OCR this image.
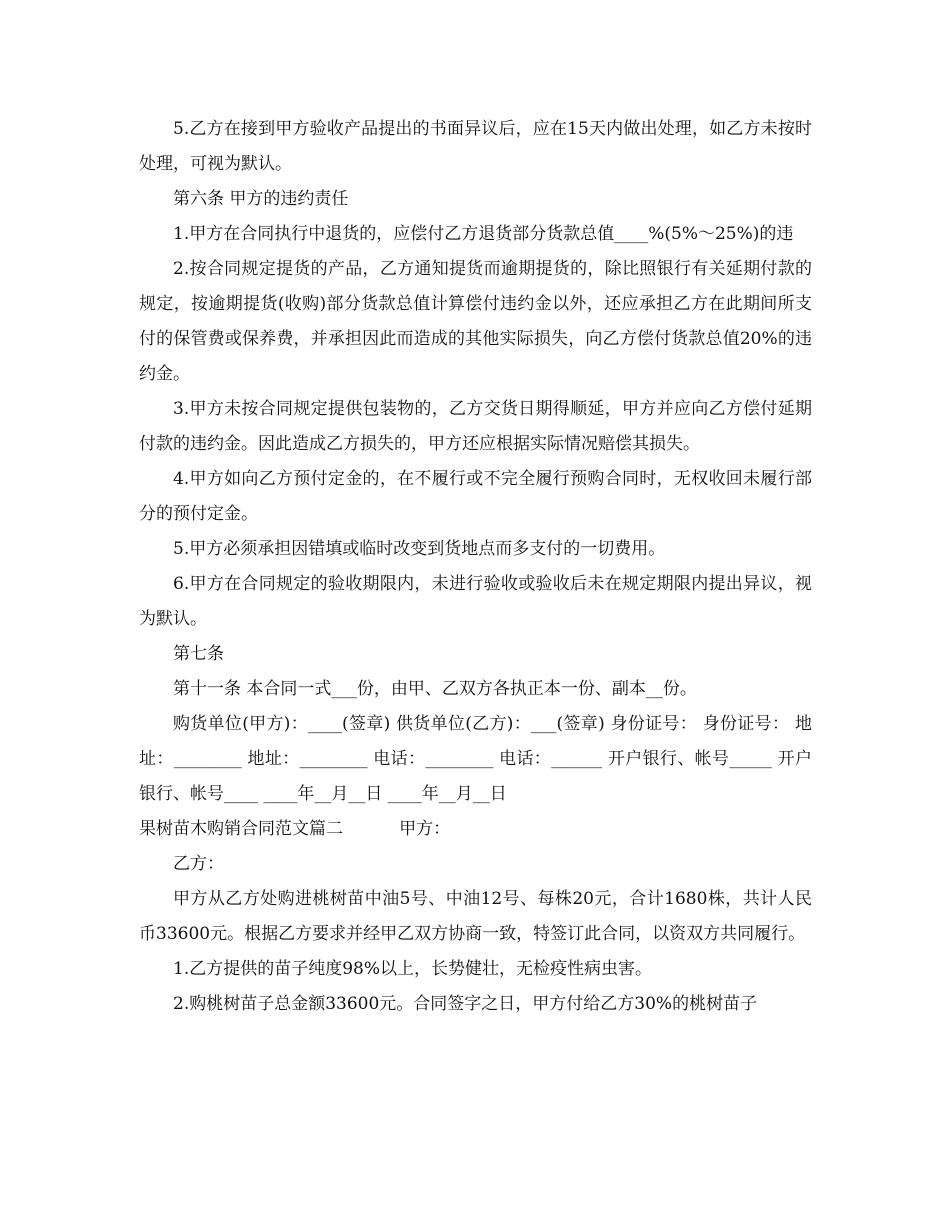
5.乙方在接到甲方验收产品提出的书面异议后，应在15天内做出处理，如乙方未按时处理，可视为默认。

第六条 甲方的违约责任

1.甲方在合同执行中退货的，应偿付乙方退货部分货款总值____%(5%～25%)的违

2.按合同规定提货的产品，乙方通知提货而逾期提货的，除比照银行有关延期付款的规定，按逾期提货(收购)部分货款总值计算偿付违约金以外，还应承担乙方在此期间所支付的保管费或保养费，并承担因此而造成的其他实际损失，向乙方偿付货款总值20%的违约金。

3.甲方未按合同规定提供包装物的，乙方交货日期得顺延，甲方并应向乙方偿付延期付款的违约金。因此造成乙方损失的，甲方还应根据实际情况赔偿其损失。

4.甲方如向乙方预付定金的，在不履行或不完全履行预购合同时，无权收回未履行部分的预付定金。

5.甲方必须承担因错填或临时改变到货地点而多支付的一切费用。

6.甲方在合同规定的验收期限内，未进行验收或验收后未在规定期限内提出异议，视为默认。

第七条

第十一条 本合同一式___份，由甲、乙双方各执正本一份、副本__份。

购货单位(甲方)：____(签章) 供货单位(乙方)：___(签章) 身份证号： 身份证号： 地址：________ 地址：________ 电话：________ 电话：______ 开户银行、帐号_____ 开户银行、帐号____ ____年__月__日 ____年__月__日

果树苗木购销合同范文篇二	甲方：

乙方：

甲方从乙方处购进桃树苗中油5号、中油12号、每株20元，合计1680株，共计人民币33600元。根据乙方要求并经甲乙双方协商一致，特签订此合同，以资双方共同履行。

1.乙方提供的苗子纯度98%以上，长势健壮，无检疫性病虫害。

2.购桃树苗子总金额33600元。合同签字之日，甲方付给乙方30%的桃树苗子
